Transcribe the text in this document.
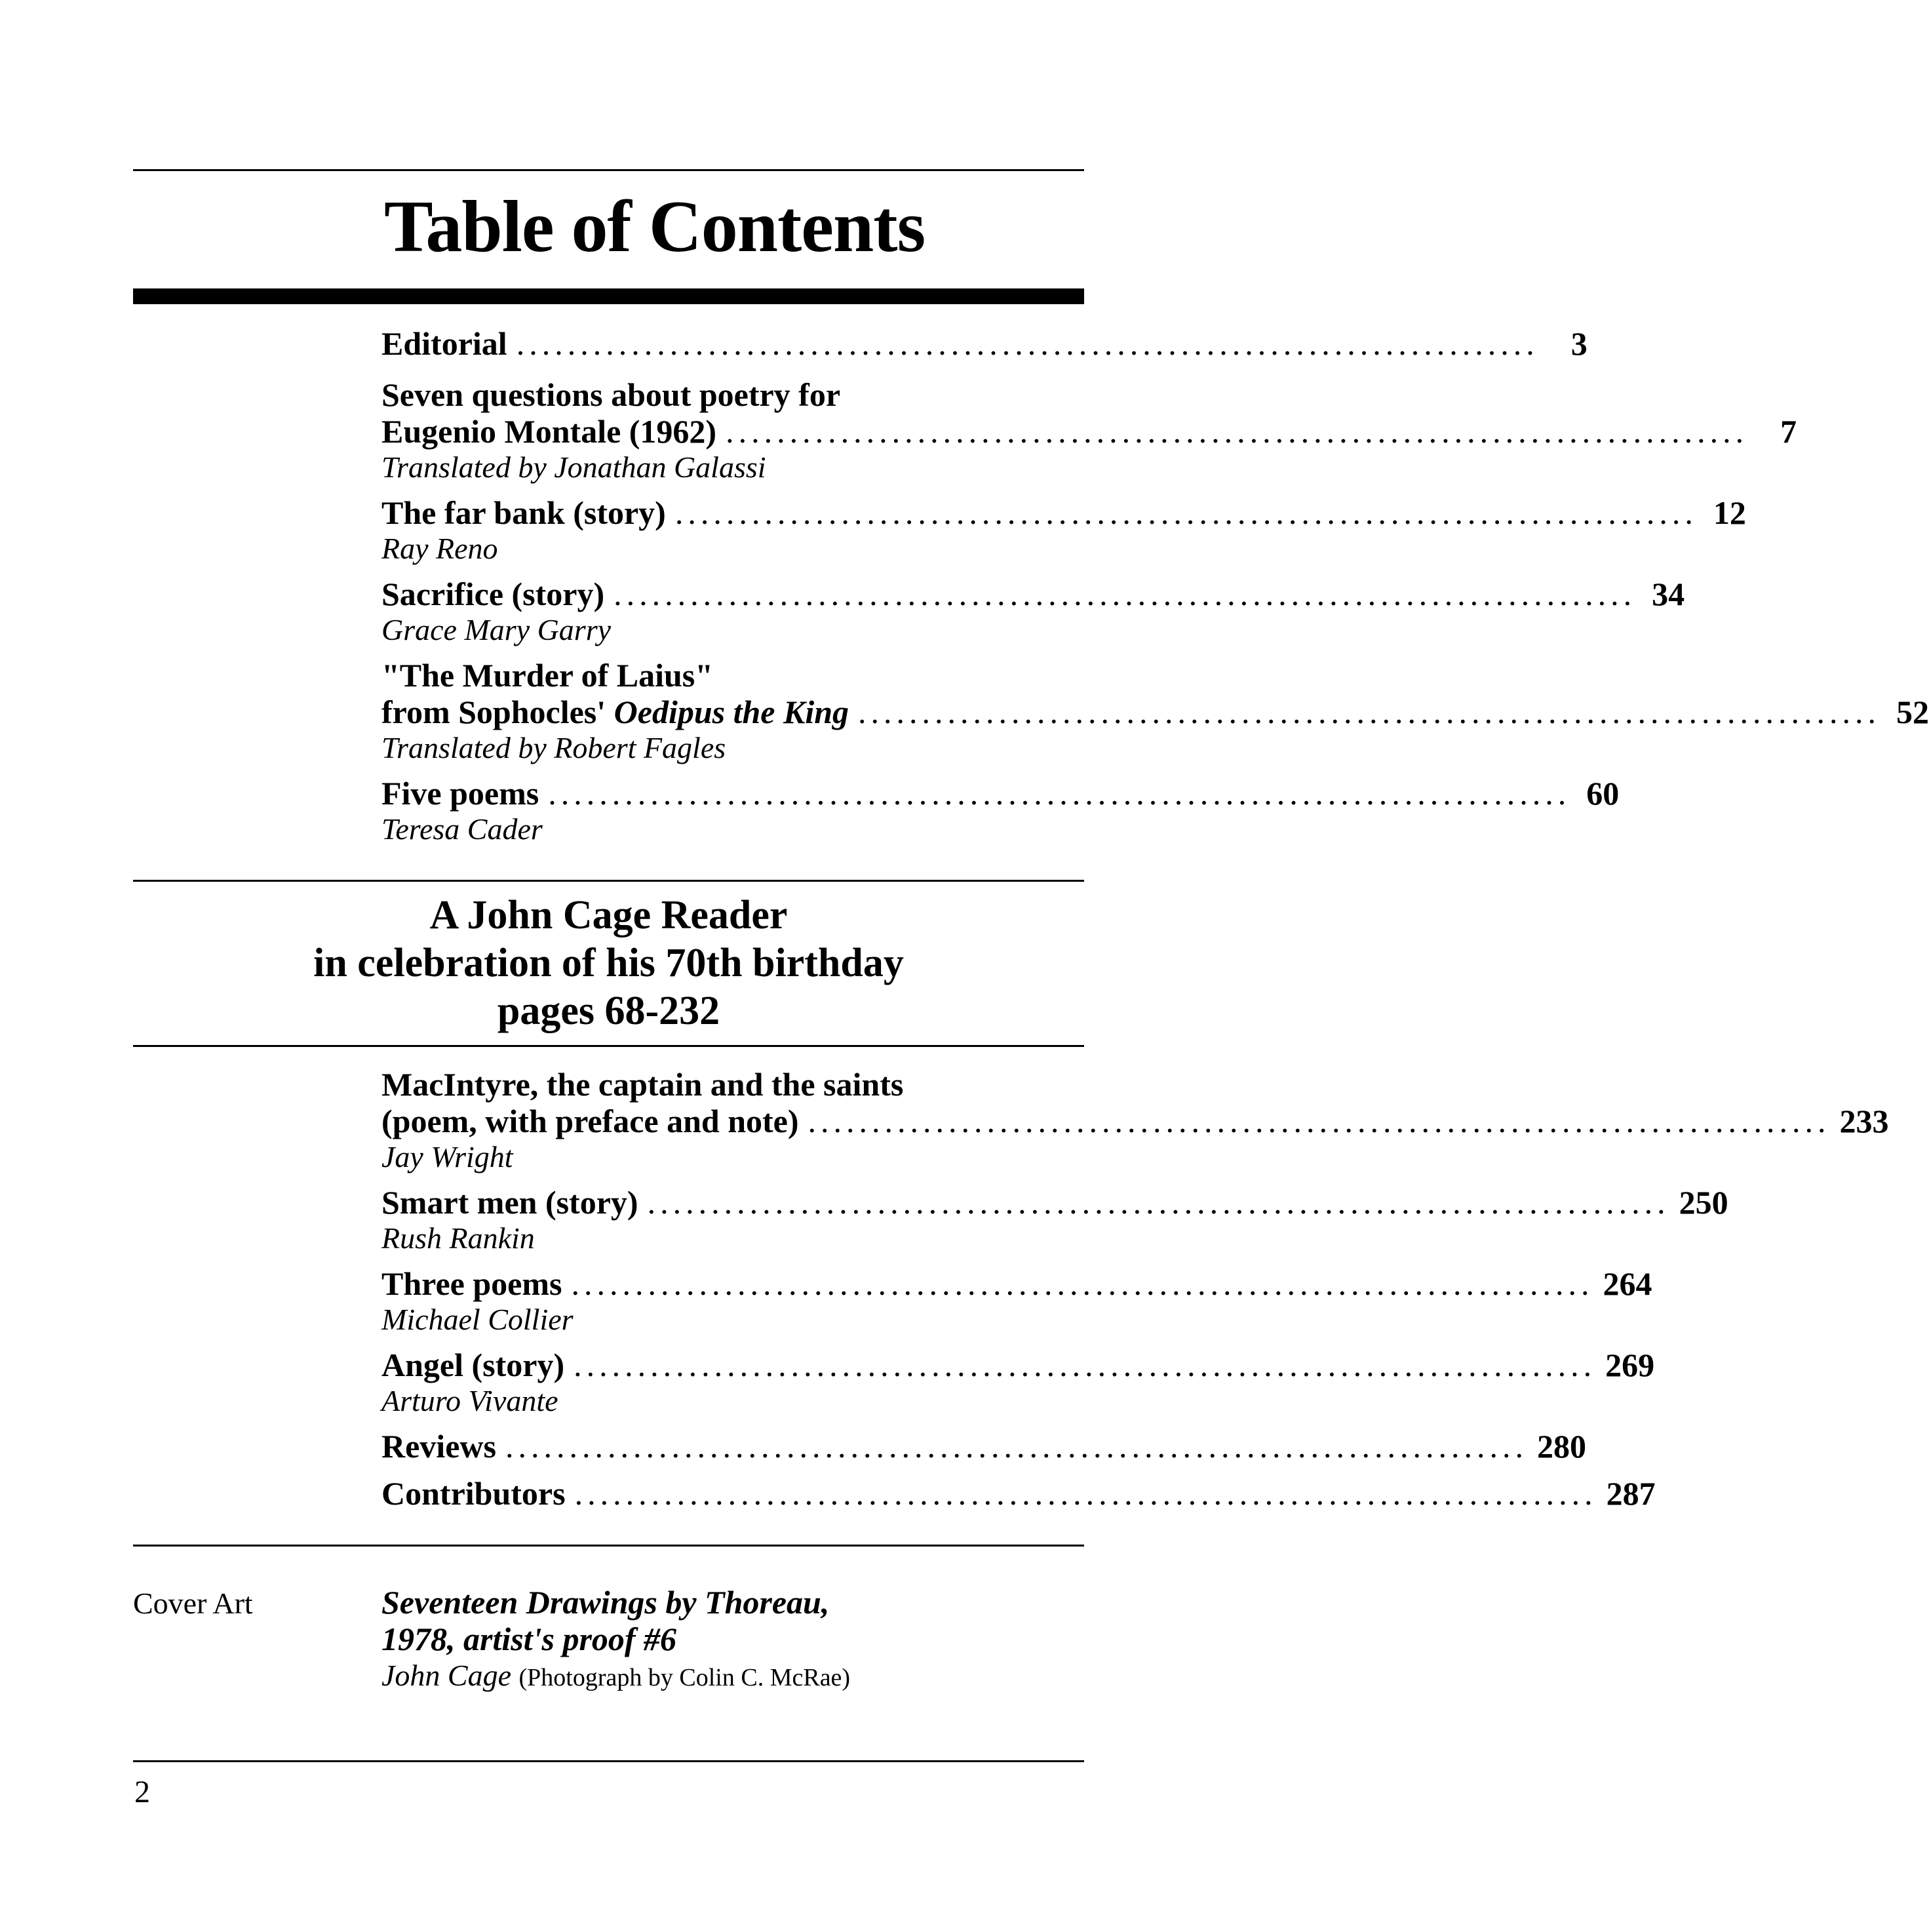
Table of Contents
Editorial ................................................................................ 3
Seven questions about poetry for
Eugenio Montale (1962) ................................................................................ 7
Translated by Jonathan Galassi
The far bank (story) ................................................................................ 12
Ray Reno
Sacrifice (story) ................................................................................ 34
Grace Mary Garry
"The Murder of Laius"
from Sophocles' Oedipus the King ................................................................................ 52
Translated by Robert Fagles
Five poems ................................................................................ 60
Teresa Cader
A John Cage Reader
in celebration of his 70th birthday
pages 68-232
MacIntyre, the captain and the saints
(poem, with preface and note) ................................................................................ 233
Jay Wright
Smart men (story) ................................................................................ 250
Rush Rankin
Three poems ................................................................................ 264
Michael Collier
Angel (story) ................................................................................ 269
Arturo Vivante
Reviews ................................................................................ 280
Contributors ................................................................................ 287
Cover Art	Seventeen Drawings by Thoreau,
1978, artist's proof #6
John Cage (Photograph by Colin C. McRae)
2
